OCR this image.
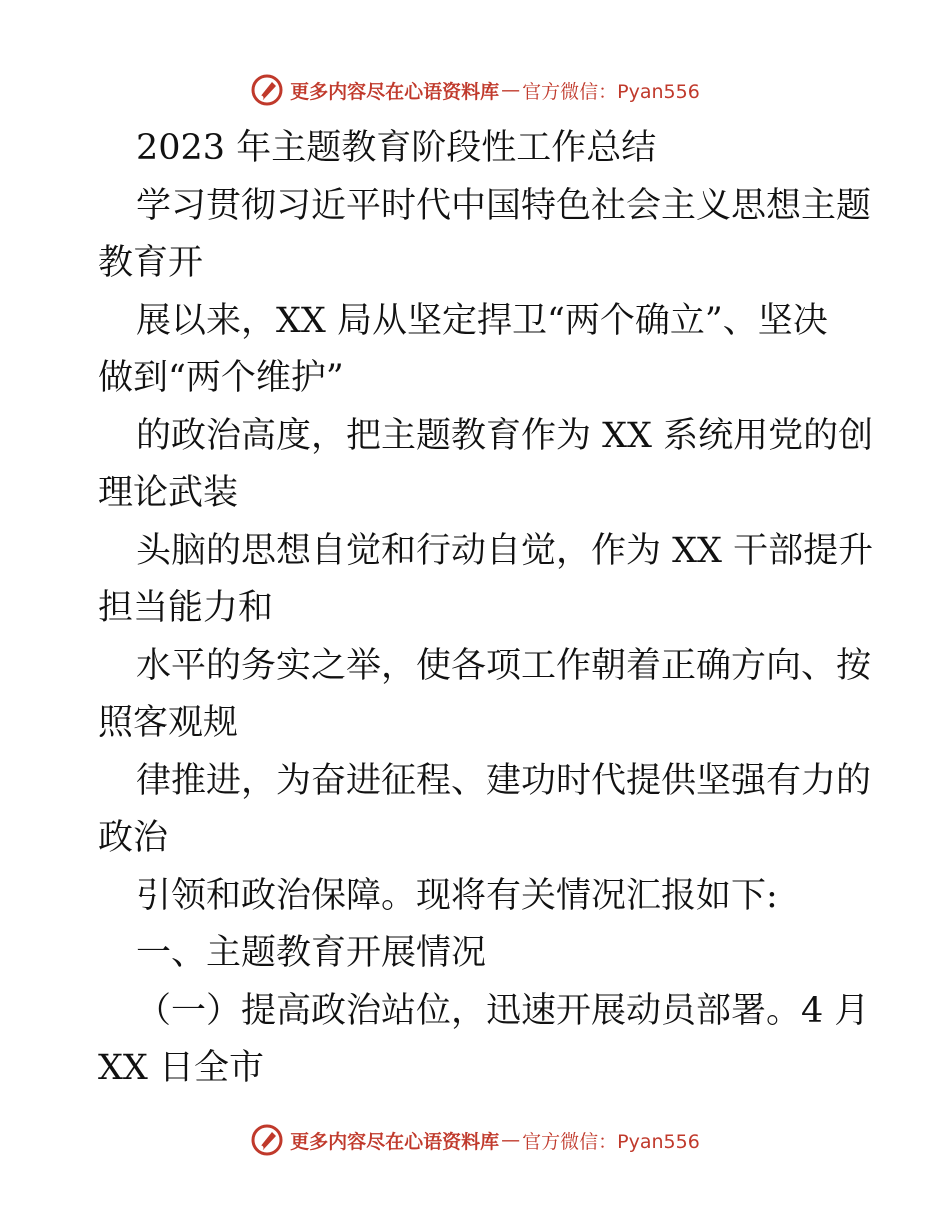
更多内容尽在心语资料库 — 官方微信：Pyan556
2023 年主题教育阶段性工作总结
学习贯彻习近平时代中国特色社会主义思想主题
教育开
展以来，XX 局从坚定捍卫“两个确立”、坚决
做到“两个维护”
的政治高度，把主题教育作为 XX 系统用党的创
理论武装
头脑的思想自觉和行动自觉，作为 XX 干部提升
担当能力和
水平的务实之举，使各项工作朝着正确方向、按
照客观规
律推进，为奋进征程、建功时代提供坚强有力的
政治
引领和政治保障。现将有关情况汇报如下:
一、主题教育开展情况
（一）提高政治站位，迅速开展动员部署。4 月
XX 日全市
更多内容尽在心语资料库 — 官方微信：Pyan556
